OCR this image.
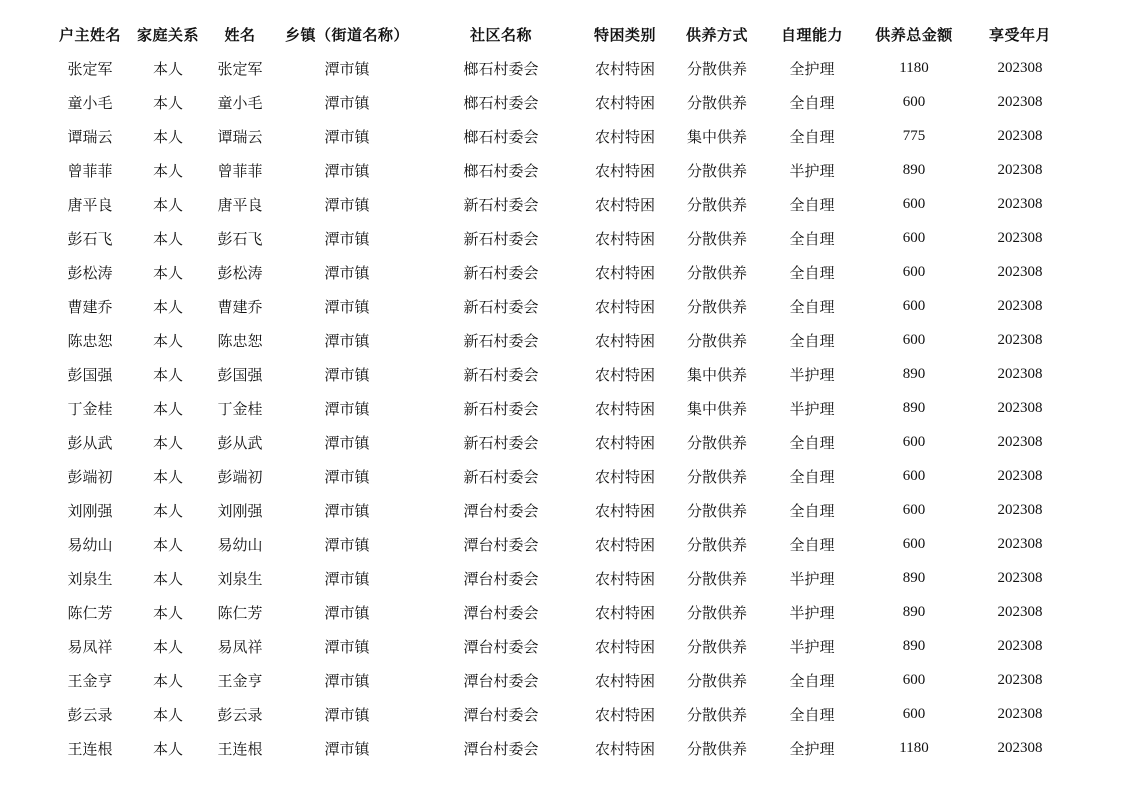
户主姓名	家庭关系	姓名	乡镇（街道名称）	社区名称	特困类别	供养方式	自理能力	供养总金额	享受年月
张定军	本人	张定军	潭市镇	榔石村委会	农村特困	分散供养	全护理	1180	202308
童小毛	本人	童小毛	潭市镇	榔石村委会	农村特困	分散供养	全自理	600	202308
谭瑞云	本人	谭瑞云	潭市镇	榔石村委会	农村特困	集中供养	全自理	775	202308
曾菲菲	本人	曾菲菲	潭市镇	榔石村委会	农村特困	分散供养	半护理	890	202308
唐平良	本人	唐平良	潭市镇	新石村委会	农村特困	分散供养	全自理	600	202308
彭石飞	本人	彭石飞	潭市镇	新石村委会	农村特困	分散供养	全自理	600	202308
彭松涛	本人	彭松涛	潭市镇	新石村委会	农村特困	分散供养	全自理	600	202308
曹建乔	本人	曹建乔	潭市镇	新石村委会	农村特困	分散供养	全自理	600	202308
陈忠恕	本人	陈忠恕	潭市镇	新石村委会	农村特困	分散供养	全自理	600	202308
彭国强	本人	彭国强	潭市镇	新石村委会	农村特困	集中供养	半护理	890	202308
丁金桂	本人	丁金桂	潭市镇	新石村委会	农村特困	集中供养	半护理	890	202308
彭从武	本人	彭从武	潭市镇	新石村委会	农村特困	分散供养	全自理	600	202308
彭端初	本人	彭端初	潭市镇	新石村委会	农村特困	分散供养	全自理	600	202308
刘刚强	本人	刘刚强	潭市镇	潭台村委会	农村特困	分散供养	全自理	600	202308
易幼山	本人	易幼山	潭市镇	潭台村委会	农村特困	分散供养	全自理	600	202308
刘泉生	本人	刘泉生	潭市镇	潭台村委会	农村特困	分散供养	半护理	890	202308
陈仁芳	本人	陈仁芳	潭市镇	潭台村委会	农村特困	分散供养	半护理	890	202308
易凤祥	本人	易凤祥	潭市镇	潭台村委会	农村特困	分散供养	半护理	890	202308
王金亨	本人	王金亨	潭市镇	潭台村委会	农村特困	分散供养	全自理	600	202308
彭云录	本人	彭云录	潭市镇	潭台村委会	农村特困	分散供养	全自理	600	202308
王连根	本人	王连根	潭市镇	潭台村委会	农村特困	分散供养	全护理	1180	202308
